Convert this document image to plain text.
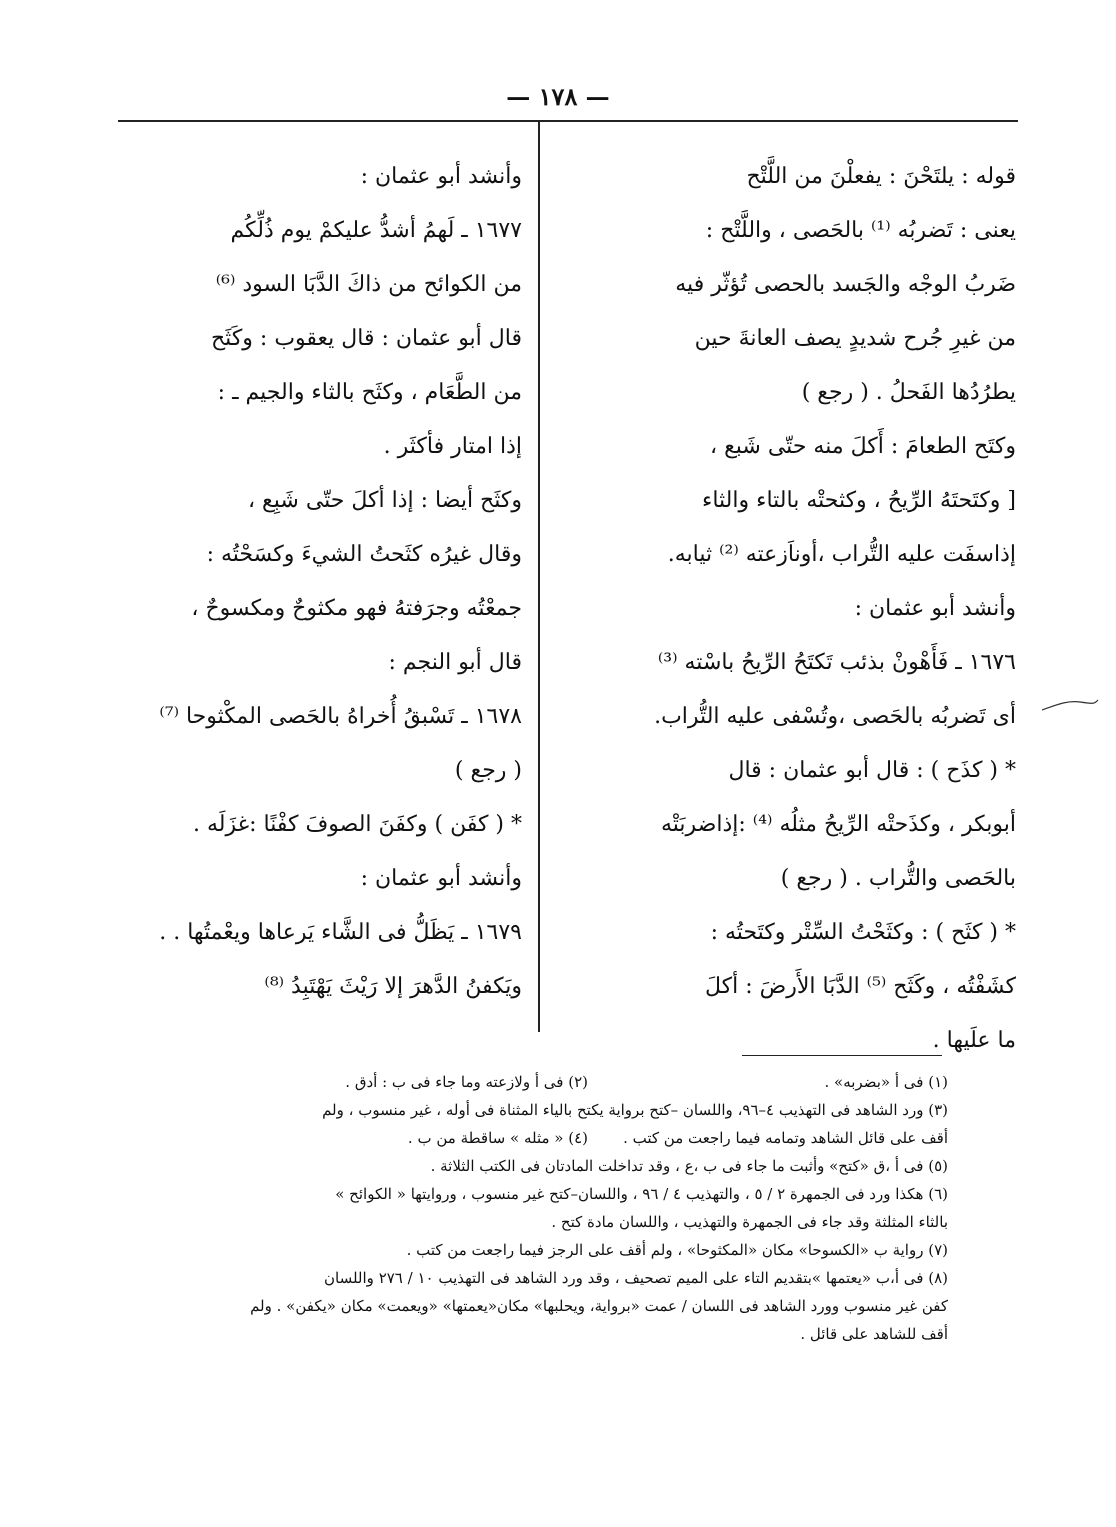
— ١٧٨ —
قوله : يلتَحْنَ : يفعلْنَ من اللَّتْح
يعنى : تَضربُه ⁽¹⁾ بالحَصى ، واللَّتْح :
ضَربُ الوجْه والجَسد بالحصى تُؤثّر فيه
من غيرِ جُرح شديدٍ يصف العانةَ حين
يطرُدُها الفَحلُ . ( رجع )
وكتَح الطعامَ : أَكلَ منه حتّى شَبع ،
[ وكتَحتَهُ الرِّيحُ ، وكثحتْه بالتاء والثاء
إذاسفَت عليه التُّراب ،أوناَزعته ⁽²⁾ ثيابه.
وأنشد أبو عثمان :
١٦٧٦ ـ فَأَهْونْ بذئب تَكتَحُ الرِّيحُ باسْته ⁽³⁾
أى تَضربُه بالحَصى ،وتُسْفى عليه التُّراب.
* ( كذَح ) : قال أبو عثمان : قال
أبوبكر ، وكذَحتْه الرِّيحُ مثلُه ⁽⁴⁾ :إذاضربَتْه
بالحَصى والتُّراب . ( رجع )
* ( كثَح ) : وكثَحْتُ السِّتْر وكتَحتُه :
كشَفْتُه ، وكَثَح ⁽⁵⁾ الدَّبَا الأَرضَ : أكلَ
ما علَيها .
وأنشد أبو عثمان :
١٦٧٧ ـ لَهمُ أشدُّ عليكمْ يوم ذُلِّكُم
من الكوائح من ذاكَ الدَّبَا السود ⁽⁶⁾
قال أبو عثمان : قال يعقوب : وكَثَح
من الطَّعَام ، وكثَح بالثاء والجيم ـ :
إذا امتار فأكثَر .
وكثَح أيضا : إذا أكلَ حتّى شَبِع ،
وقال غيرُه كثَحتُ الشيءَ وكسَحْتُه :
جمعْتُه وجرَفتهُ فهو مكثوحٌ ومكسوحٌ ،
قال أبو النجم :
١٦٧٨ ـ تَسْبقُ أُخراهُ بالحَصى المكْثوحا ⁽⁷⁾
( رجع )
* ( كفَن ) وكفَنَ الصوفَ كفْنًا :غزَلَه .
وأنشد أبو عثمان :
١٦٧٩ ـ يَظَلُّ فى الشَّاء يَرعاها ويعْمتُها . .
ويَكفنُ الدَّهرَ إلا رَيْثَ يَهْتَبِدُ ⁽⁸⁾
(١) فى أ «بضربه» .
(٢) فى أ ولازعته وما جاء فى ب : أدق .
(٣) ورد الشاهد فى التهذيب ٤–٩٦، واللسان –كتح برواية يكتح بالياء المثناة فى أوله ، غير منسوب ، ولم
أقف على قائل الشاهد وتمامه فيما راجعت من كتب .
(٤) « مثله » ساقطة من ب .
(٥) فى أ ،ق «كتح» وأثبت ما جاء فى ب ،ع ، وقد تداخلت المادتان فى الكتب الثلاثة .
(٦) هكذا ورد فى الجمهرة ٢ / ٥ ، والتهذيب ٤ / ٩٦ ، واللسان–كتح غير منسوب ، وروايتها « الكوائح »
بالثاء المثلثة وقد جاء فى الجمهرة والتهذيب ، واللسان مادة كتح .
(٧) رواية ب «الكسوحا» مكان «المكثوحا» ، ولم أقف على الرجز فيما راجعت من كتب .
(٨) فى أ،ب «يعتمها »بتقديم التاء على الميم تصحيف ، وقد ورد الشاهد فى التهذيب ١٠ / ٢٧٦ واللسان
كفن غير منسوب وورد الشاهد فى اللسان / عمت «برواية، ويحلبها» مكان«يعمتها» «ويعمت» مكان «يكفن» . ولم
أقف للشاهد على قائل .
